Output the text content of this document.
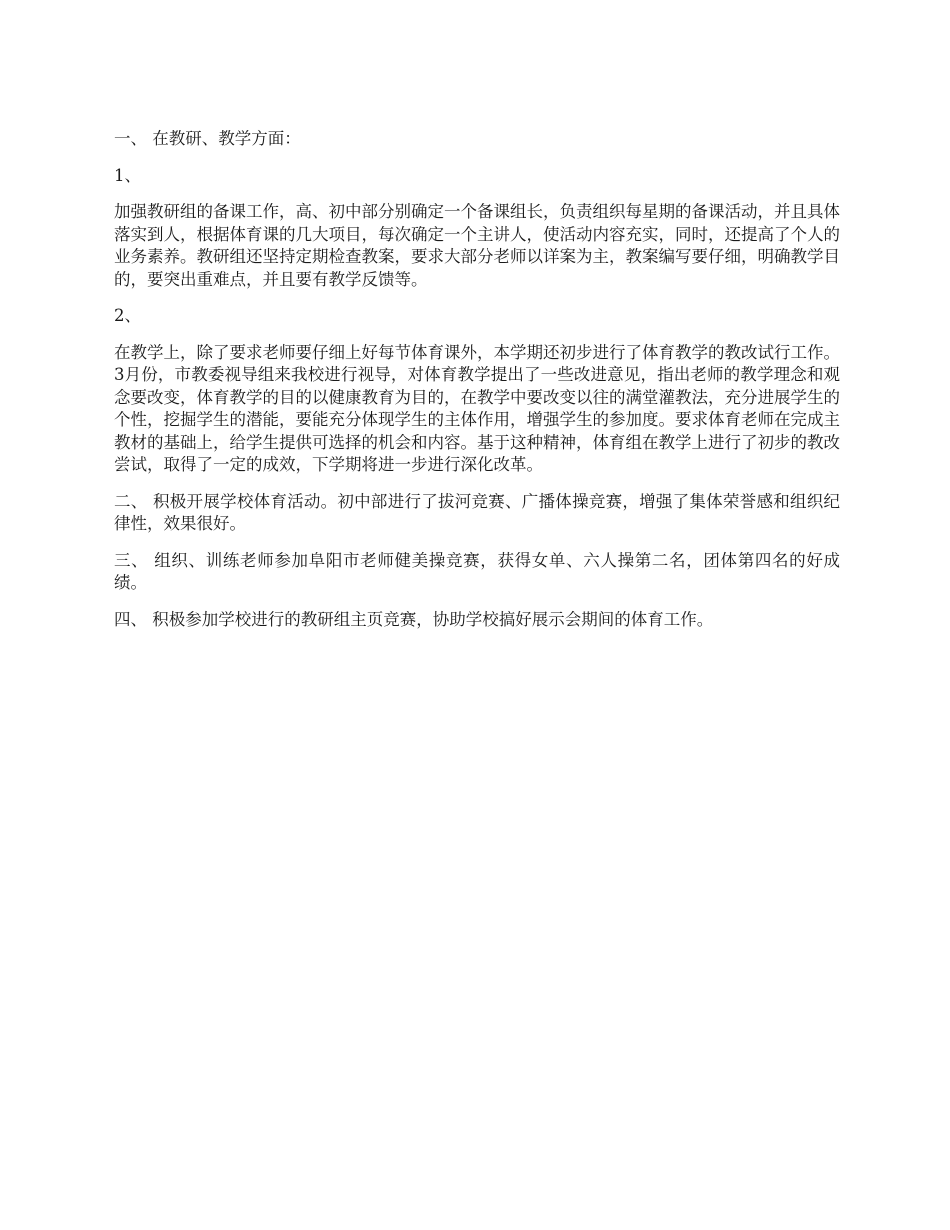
一、 在教研、教学方面：

1、

加强教研组的备课工作，高、初中部分别确定一个备课组长，负责组织每星期的备课活动，并且具体落实到人，根据体育课的几大项目，每次确定一个主讲人，使活动内容充实，同时，还提高了个人的业务素养。教研组还坚持定期检查教案，要求大部分老师以详案为主，教案编写要仔细，明确教学目的，要突出重难点，并且要有教学反馈等。

2、

在教学上，除了要求老师要仔细上好每节体育课外，本学期还初步进行了体育教学的教改试行工作。3月份，市教委视导组来我校进行视导，对体育教学提出了一些改进意见，指出老师的教学理念和观念要改变，体育教学的目的以健康教育为目的，在教学中要改变以往的满堂灌教法，充分进展学生的个性，挖掘学生的潜能，要能充分体现学生的主体作用，增强学生的参加度。要求体育老师在完成主教材的基础上，给学生提供可选择的机会和内容。基于这种精神，体育组在教学上进行了初步的教改尝试，取得了一定的成效，下学期将进一步进行深化改革。

二、 积极开展学校体育活动。初中部进行了拔河竞赛、广播体操竞赛，增强了集体荣誉感和组织纪律性，效果很好。

三、 组织、训练老师参加阜阳市老师健美操竞赛，获得女单、六人操第二名，团体第四名的好成绩。

四、 积极参加学校进行的教研组主页竞赛，协助学校搞好展示会期间的体育工作。
